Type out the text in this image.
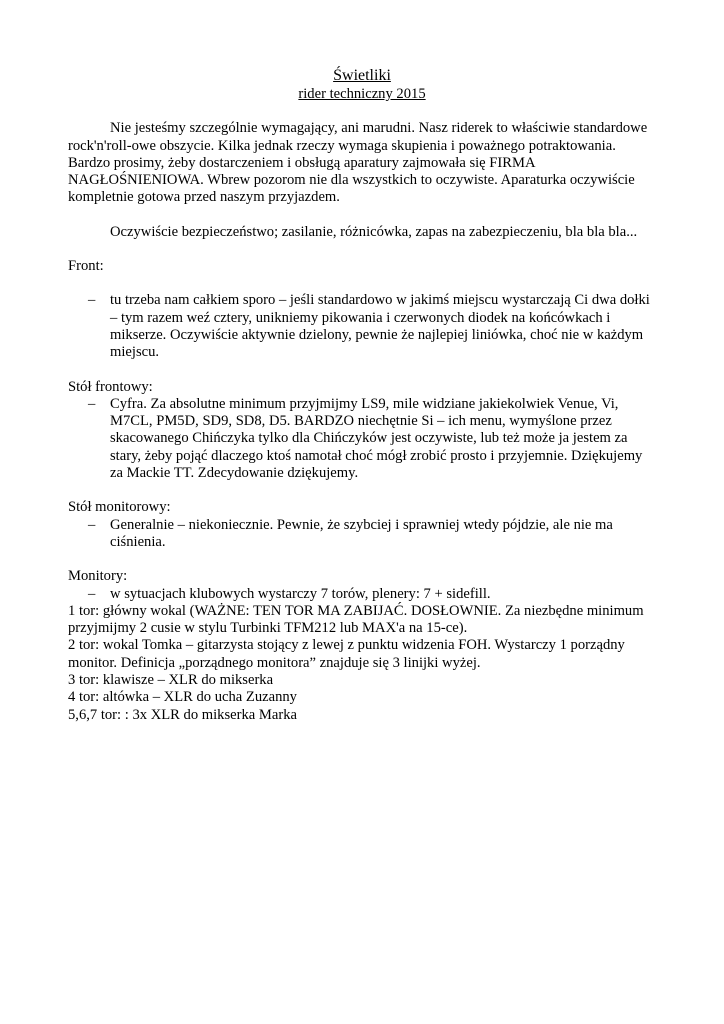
Świetliki
rider techniczny 2015

Nie jesteśmy szczególnie wymagający, ani marudni. Nasz riderek to właściwie standardowe rock'n'roll-owe obszycie. Kilka jednak rzeczy wymaga skupienia i poważnego potraktowania. Bardzo prosimy, żeby dostarczeniem i obsługą aparatury zajmowała się FIRMA NAGŁOŚNIENIOWA. Wbrew pozorom nie dla wszystkich to oczywiste. Aparaturka oczywiście kompletnie gotowa przed naszym przyjazdem.

Oczywiście bezpieczeństwo; zasilanie, różnicówka, zapas na zabezpieczeniu, bla bla bla...

Front:

– tu trzeba nam całkiem sporo – jeśli standardowo w jakimś miejscu wystarczają Ci dwa dołki – tym razem weź cztery, unikniemy pikowania i czerwonych diodek na końcówkach i mikserze. Oczywiście aktywnie dzielony, pewnie że najlepiej liniówka, choć nie w każdym miejscu.

Stół frontowy:

– Cyfra. Za absolutne minimum przyjmijmy LS9, mile widziane jakiekolwiek Venue, Vi, M7CL, PM5D, SD9, SD8, D5. BARDZO niechętnie Si – ich menu, wymyślone przez skacowanego Chińczyka tylko dla Chińczyków jest oczywiste, lub też może ja jestem za stary, żeby pojąć dlaczego ktoś namotał choć mógł zrobić prosto i przyjemnie. Dziękujemy za Mackie TT. Zdecydowanie dziękujemy.

Stół monitorowy:

– Generalnie – niekoniecznie. Pewnie, że szybciej i sprawniej wtedy pójdzie, ale nie ma ciśnienia.

Monitory:

– w sytuacjach klubowych wystarczy 7 torów, plenery: 7 + sidefill.

1 tor: główny wokal (WAŻNE: TEN TOR MA ZABIJAĆ. DOSŁOWNIE. Za niezbędne minimum przyjmijmy 2 cusie w stylu Turbinki TFM212 lub MAX'a na 15-ce).

2 tor: wokal Tomka – gitarzysta stojący z lewej z punktu widzenia FOH. Wystarczy 1 porządny monitor. Definicja „porządnego monitora” znajduje się 3 linijki wyżej.

3 tor: klawisze – XLR do mikserka

4 tor: altówka – XLR do ucha Zuzanny

5,6,7 tor: : 3x XLR do mikserka Marka
